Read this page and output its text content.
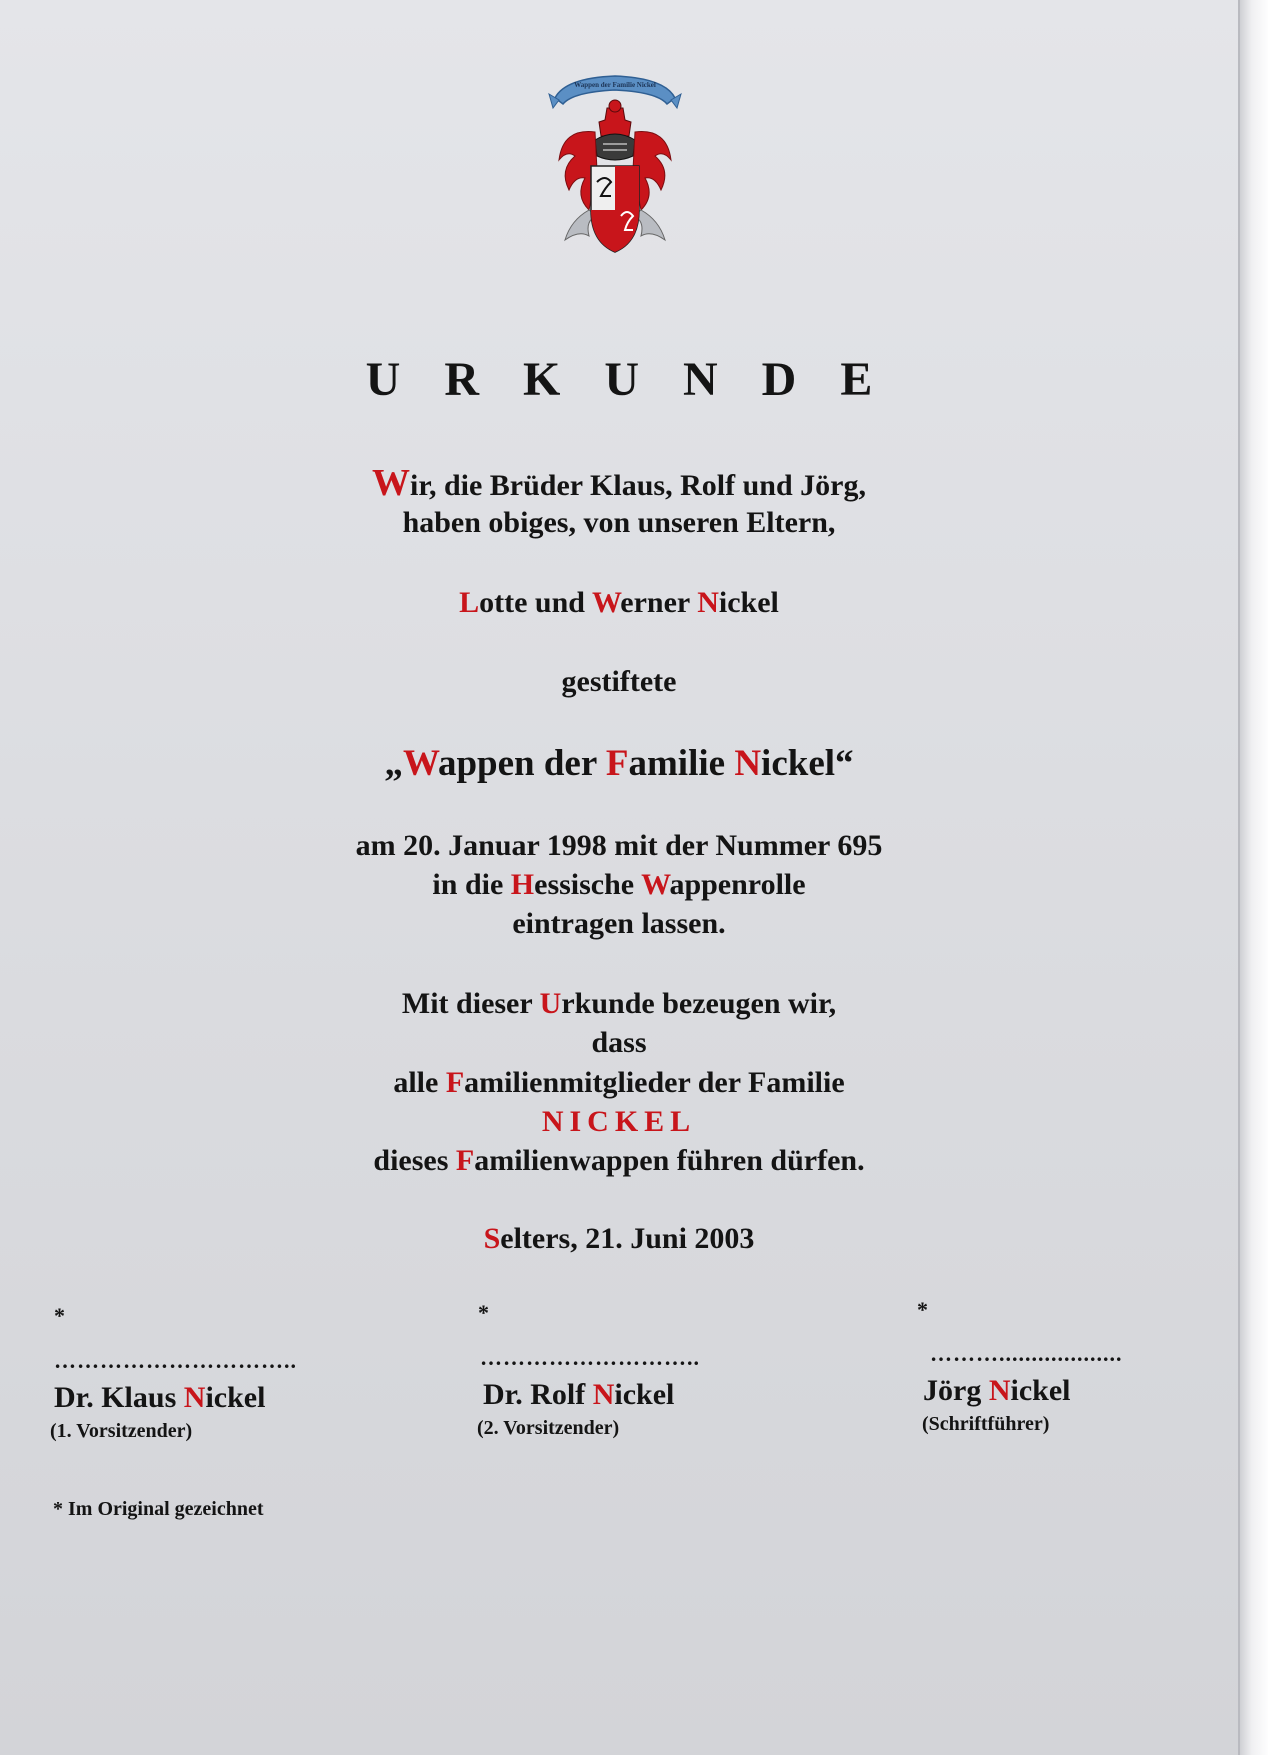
Wappen der Familie Nickel
U R K U N D E
Wir, die Brüder Klaus, Rolf und Jörg,
haben obiges, von unseren Eltern,
Lotte und Werner Nickel
gestiftete
„Wappen der Familie Nickel“
am 20. Januar 1998 mit der Nummer 695
in die Hessische Wappenrolle
eintragen lassen.
Mit dieser Urkunde bezeugen wir,
dass
alle Familienmitglieder der Familie
NICKEL
dieses Familienwappen führen dürfen.
Selters, 21. Juni 2003
*
…………………………..
Dr. Klaus Nickel
(1. Vorsitzender)
*
………………………..
Dr. Rolf Nickel
(2. Vorsitzender)
*
………...................
Jörg Nickel
(Schriftführer)
* Im Original gezeichnet
